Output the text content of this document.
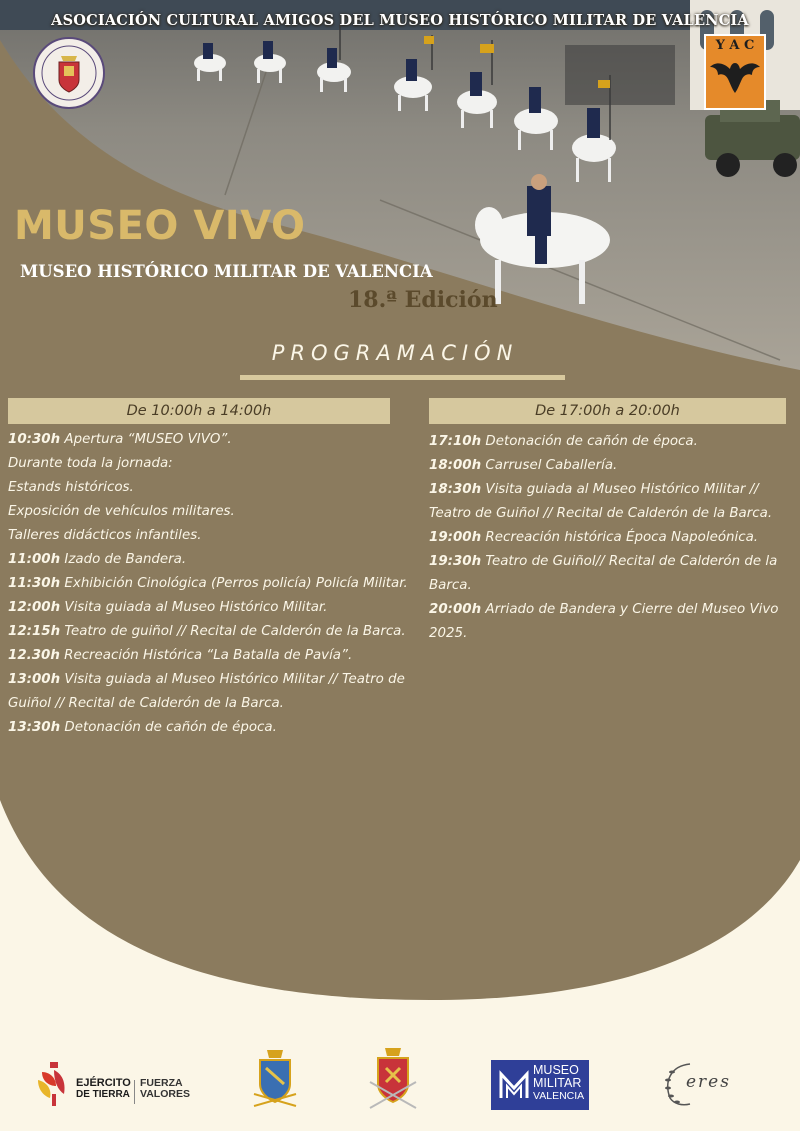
Y A C
ASOCIACIÓN CULTURAL AMIGOS DEL MUSEO HISTÓRICO MILITAR DE VALENCIA
MUSEO VIVO
MUSEO HISTÓRICO MILITAR DE VALENCIA
18.ª Edición
PROGRAMACIÓN
De 10:00h a 14:00h
10:30h Apertura “MUSEO VIVO”.
Durante toda la jornada:
Estands históricos.
Exposición de vehículos militares.
Talleres didácticos infantiles.
11:00h Izado de Bandera.
11:30h Exhibición Cinológica (Perros policía) Policía Militar.
12:00h Visita guiada al Museo Histórico Militar.
12:15h Teatro de guiñol // Recital de Calderón de la Barca.
12.30h Recreación Histórica “La Batalla de Pavía”.
13:00h Visita guiada al Museo Histórico Militar // Teatro de Guiñol // Recital de Calderón de la Barca.
13:30h Detonación de cañón de época.
De 17:00h a 20:00h
17:10h Detonación de cañón de época.
18:00h Carrusel Caballería.
18:30h Visita guiada al Museo Histórico Militar // Teatro de Guiñol // Recital de Calderón de la Barca.
19:00h Recreación histórica Época Napoleónica.
19:30h Teatro de Guiñol// Recital de Calderón de la Barca.
20:00h Arriado de Bandera y Cierre del Museo Vivo 2025.
EJÉRCITO
DE TIERRA
FUERZA
VALORES
MUSEO
MILITAR
VALENCIA
eres
